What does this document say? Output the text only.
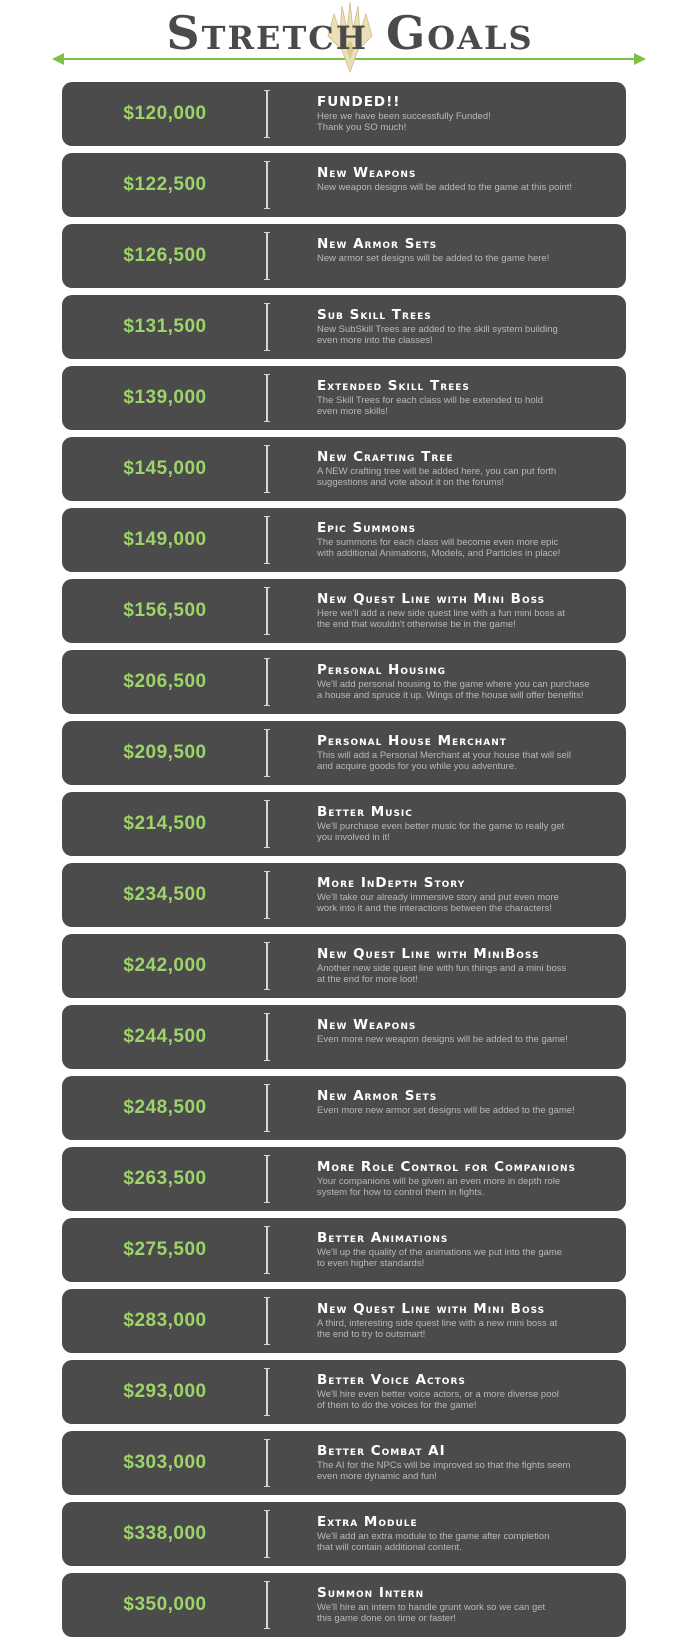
Stretch Goals
$120,000
FUNDED!!
Here we have been successfully Funded!
Thank you SO much!
$122,500
New Weapons
New weapon designs will be added to the game at this point!
$126,500
New Armor Sets
New armor set designs will be added to the game here!
$131,500
Sub Skill Trees
New SubSkill Trees are added to the skill system building
even more into the classes!
$139,000
Extended Skill Trees
The Skill Trees for each class will be extended to hold
even more skills!
$145,000
New Crafting Tree
A NEW crafting tree will be added here, you can put forth
suggestions and vote about it on the forums!
$149,000
Epic Summons
The summons for each class will become even more epic
with additional Animations, Models, and Particles in place!
$156,500
New Quest Line with Mini Boss
Here we'll add a new side quest line with a fun mini boss at
the end that wouldn't otherwise be in the game!
$206,500
Personal Housing
We'll add personal housing to the game where you can purchase
a house and spruce it up. Wings of the house will offer benefits!
$209,500
Personal House Merchant
This will add a Personal Merchant at your house that will sell
and acquire goods for you while you adventure.
$214,500
Better Music
We'll purchase even better music for the game to really get
you involved in it!
$234,500
More InDepth Story
We'll take our already immersive story and put even more
work into it and the interactions between the characters!
$242,000
New Quest Line with MiniBoss
Another new side quest line with fun things and a mini boss
at the end for more loot!
$244,500
New Weapons
Even more new weapon designs will be added to the game!
$248,500
New Armor Sets
Even more new armor set designs will be added to the game!
$263,500
More Role Control for Companions
Your companions will be given an even more in depth role
system for how to control them in fights.
$275,500
Better Animations
We'll up the quality of the animations we put into the game
to even higher standards!
$283,000
New Quest Line with Mini Boss
A third, interesting side quest line with a new mini boss at
the end to try to outsmart!
$293,000
Better Voice Actors
We'll hire even better voice actors, or a more diverse pool
of them to do the voices for the game!
$303,000
Better Combat AI
The AI for the NPCs will be improved so that the fights seem
even more dynamic and fun!
$338,000
Extra Module
We'll add an extra module to the game after completion
that will contain additional content.
$350,000
Summon Intern
We'll hire an intern to handle grunt work so we can get
this game done on time or faster!
